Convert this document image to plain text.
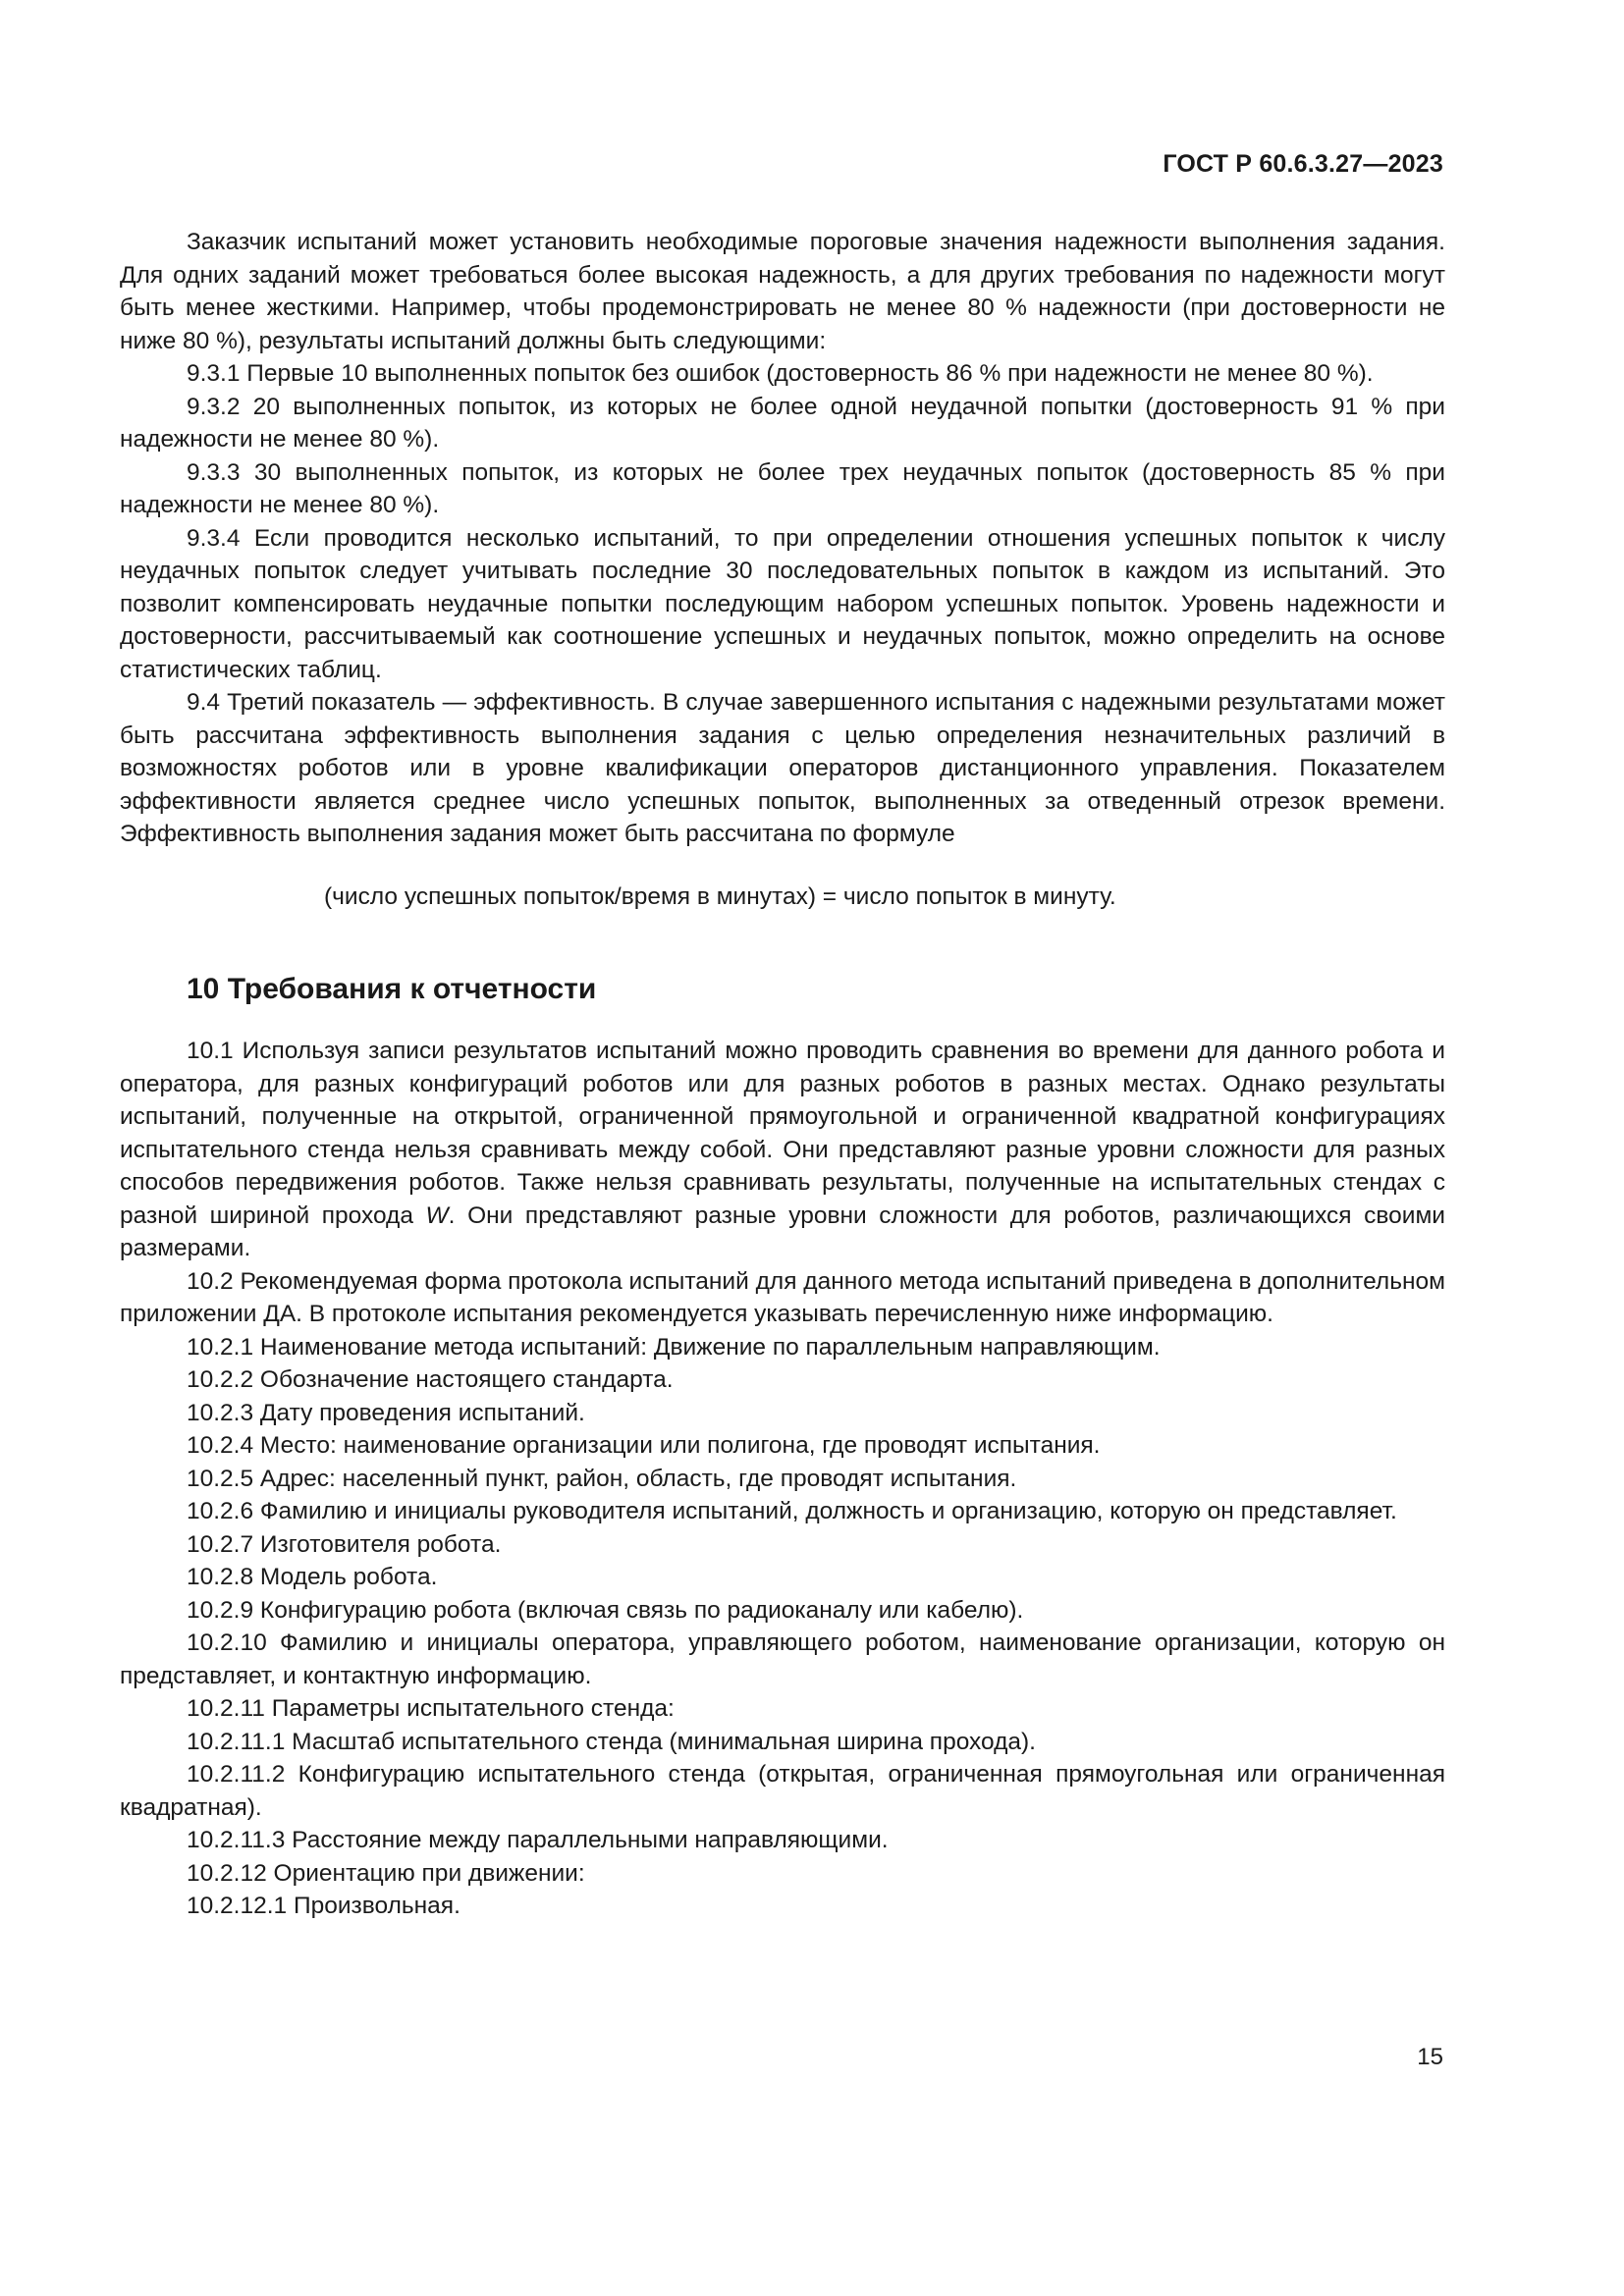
ГОСТ Р 60.6.3.27—2023

Заказчик испытаний может установить необходимые пороговые значения надежности выполнения задания. Для одних заданий может требоваться более высокая надежность, а для других требования по надежности могут быть менее жесткими. Например, чтобы продемонстрировать не менее 80 % надежности (при достоверности не ниже 80 %), результаты испытаний должны быть следующими:

9.3.1 Первые 10 выполненных попыток без ошибок (достоверность 86 % при надежности не менее 80 %).

9.3.2 20 выполненных попыток, из которых не более одной неудачной попытки (достоверность 91 % при надежности не менее 80 %).

9.3.3 30 выполненных попыток, из которых не более трех неудачных попыток (достоверность 85 % при надежности не менее 80 %).

9.3.4 Если проводится несколько испытаний, то при определении отношения успешных попыток к числу неудачных попыток следует учитывать последние 30 последовательных попыток в каждом из испытаний. Это позволит компенсировать неудачные попытки последующим набором успешных попыток. Уровень надежности и достоверности, рассчитываемый как соотношение успешных и неудачных попыток, можно определить на основе статистических таблиц.

9.4 Третий показатель — эффективность. В случае завершенного испытания с надежными результатами может быть рассчитана эффективность выполнения задания с целью определения незначительных различий в возможностях роботов или в уровне квалификации операторов дистанционного управления. Показателем эффективности является среднее число успешных попыток, выполненных за отведенный отрезок времени. Эффективность выполнения задания может быть рассчитана по формуле

(число успешных попыток/время в минутах) = число попыток в минуту.

10 Требования к отчетности

10.1 Используя записи результатов испытаний можно проводить сравнения во времени для данного робота и оператора, для разных конфигураций роботов или для разных роботов в разных местах. Однако результаты испытаний, полученные на открытой, ограниченной прямоугольной и ограниченной квадратной конфигурациях испытательного стенда нельзя сравнивать между собой. Они представляют разные уровни сложности для разных способов передвижения роботов. Также нельзя сравнивать результаты, полученные на испытательных стендах с разной шириной прохода W. Они представляют разные уровни сложности для роботов, различающихся своими размерами.

10.2 Рекомендуемая форма протокола испытаний для данного метода испытаний приведена в дополнительном приложении ДА. В протоколе испытания рекомендуется указывать перечисленную ниже информацию.

10.2.1 Наименование метода испытаний: Движение по параллельным направляющим.

10.2.2 Обозначение настоящего стандарта.

10.2.3 Дату проведения испытаний.

10.2.4 Место: наименование организации или полигона, где проводят испытания.

10.2.5 Адрес: населенный пункт, район, область, где проводят испытания.

10.2.6 Фамилию и инициалы руководителя испытаний, должность и организацию, которую он представляет.

10.2.7 Изготовителя робота.

10.2.8 Модель робота.

10.2.9 Конфигурацию робота (включая связь по радиоканалу или кабелю).

10.2.10 Фамилию и инициалы оператора, управляющего роботом, наименование организации, которую он представляет, и контактную информацию.

10.2.11 Параметры испытательного стенда:

10.2.11.1 Масштаб испытательного стенда (минимальная ширина прохода).

10.2.11.2 Конфигурацию испытательного стенда (открытая, ограниченная прямоугольная или ограниченная квадратная).

10.2.11.3 Расстояние между параллельными направляющими.

10.2.12 Ориентацию при движении:

10.2.12.1 Произвольная.

15
